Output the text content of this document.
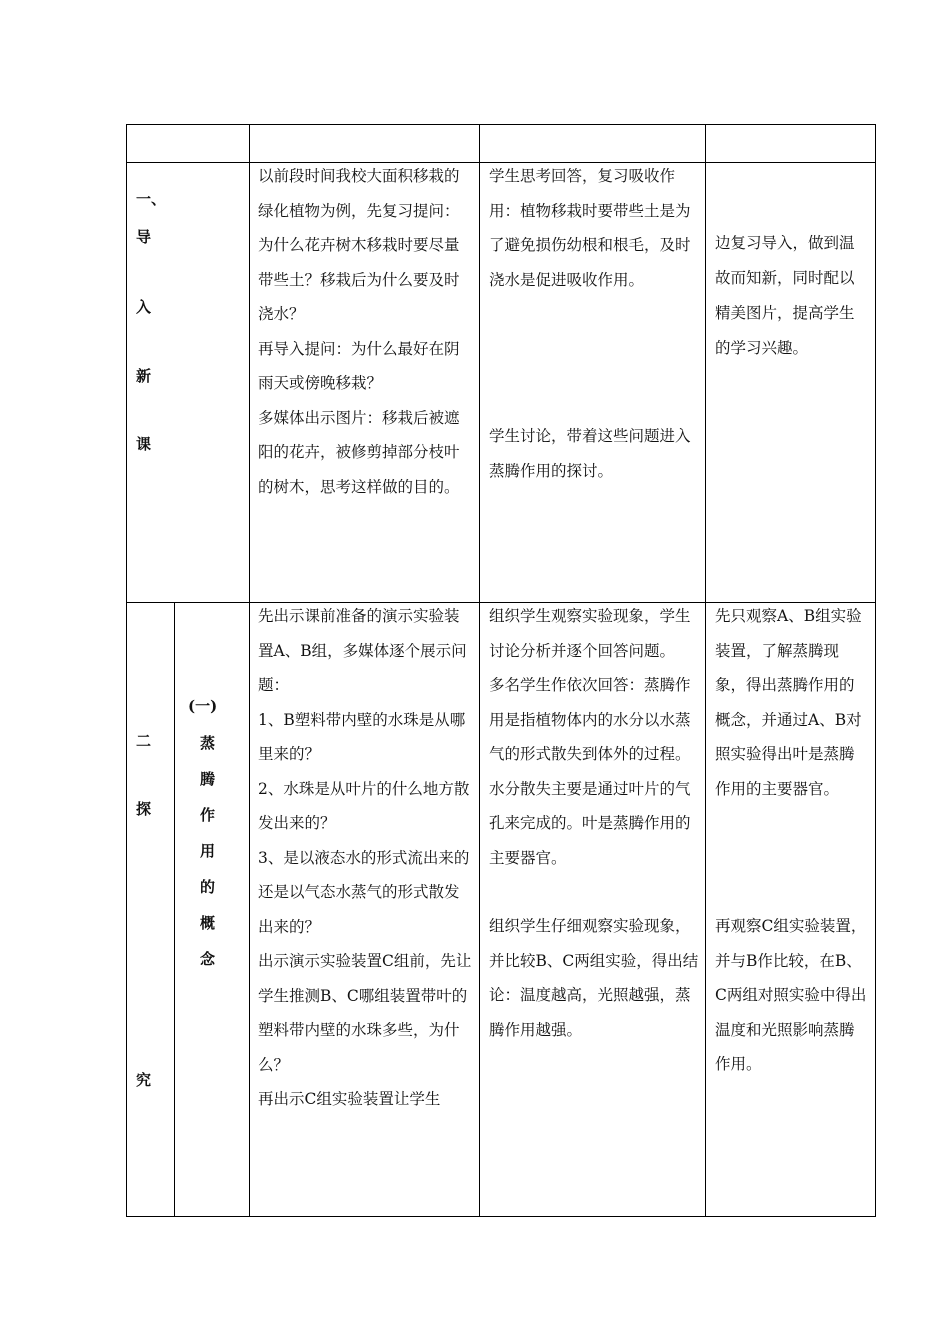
一、
导
入
新
课

以前段时间我校大面积移栽的绿化植物为例，先复习提问：为什么花卉树木移栽时要尽量带些土？移栽后为什么要及时浇水？

再导入提问：为什么最好在阴雨天或傍晚移栽？

多媒体出示图片：移栽后被遮阳的花卉，被修剪掉部分枝叶的树木，思考这样做的目的。

学生思考回答，复习吸收作用：植物移栽时要带些土是为了避免损伤幼根和根毛，及时浇水是促进吸收作用。

学生讨论，带着这些问题进入蒸腾作用的探讨。

边复习导入，做到温故而知新，同时配以精美图片，提高学生的学习兴趣。

二
探
究
(一)
蒸
腾
作
用
的
概
念

先出示课前准备的演示实验装置A、B组，多媒体逐个展示问题：

1、B塑料带内壁的水珠是从哪里来的？

2、水珠是从叶片的什么地方散发出来的？

3、是以液态水的形式流出来的还是以气态水蒸气的形式散发出来的？

出示演示实验装置C组前，先让学生推测B、C哪组装置带叶的塑料带内壁的水珠多些，为什么？

再出示C组实验装置让学生

组织学生观察实验现象，学生讨论分析并逐个回答问题。

多名学生作依次回答：蒸腾作用是指植物体内的水分以水蒸气的形式散失到体外的过程。水分散失主要是通过叶片的气孔来完成的。叶是蒸腾作用的主要器官。

组织学生仔细观察实验现象，并比较B、C两组实验，得出结论：温度越高，光照越强，蒸腾作用越强。

先只观察A、B组实验装置，了解蒸腾现象，得出蒸腾作用的概念，并通过A、B对照实验得出叶是蒸腾作用的主要器官。

再观察C组实验装置，并与B作比较，在B、C两组对照实验中得出温度和光照影响蒸腾作用。
